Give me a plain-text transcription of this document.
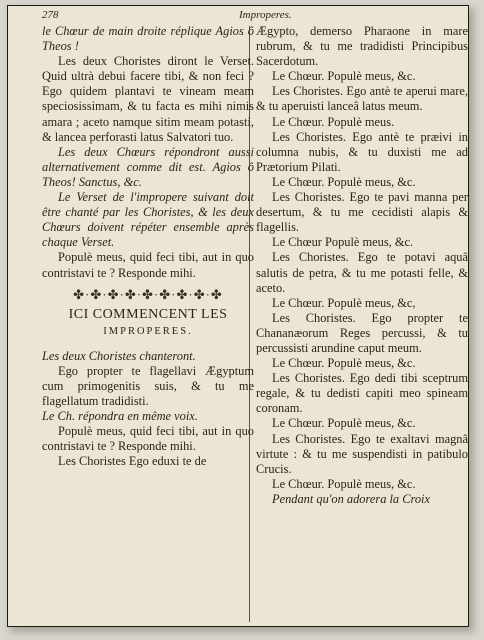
278	Improperes.

le Chœur de main droite réplique Agios ô Theos !

Les deux Choristes diront le Verset. Quid ultrà debui facere tibi, & non feci ? Ego quidem plantavi te vineam meam speciosissimam, & tu facta es mihi nimis amara ; aceto namque sitim meam potasti, & lancea perforasti latus Salvatori tuo.

Les deux Chœurs répondront aussi alternativement comme dit est. Agios ô Theos! Sanctus, &c.

Le Verset de l'impropere suivant doit être chanté par les Choristes, & les deux Chœurs doivent répéter ensemble après chaque Verset.

Populè meus, quid feci tibi, aut in quo contristavi te ? Responde mihi.

✤·✤·✤·✤·✤·✤·✤·✤·✤
ICI COMMENCENT LES
IMPROPERES.

Les deux Choristes chanteront.

Ego propter te flagellavi Ægyptum cum primogenitis suis, & tu me flagellatum tradidisti.

Le Ch. répondra en même voix.

Populè meus, quid feci tibi, aut in quo contristavi te ? Responde mihi.

Les Choristes Ego eduxi te de

Ægypto, demerso Pharaone in mare rubrum, & tu me tradidisti Principibus Sacerdotum.

Le Chœur. Populè meus, &c.

Les Choristes. Ego antè te aperui mare, & tu aperuisti lanceâ latus meum.

Le Chœur. Populè meus.

Les Choristes. Ego antè te præivi in columna nubis, & tu duxisti me ad Prætorium Pilati.

Le Chœur. Populè meus, &c.

Les Choristes. Ego te pavi manna per desertum, & tu me cecidisti alapis & flagellis.

Le Chœur Populè meus, &c.

Les Choristes. Ego te potavi aquâ salutis de petra, & tu me potasti felle, & aceto.

Le Chœur. Populè meus, &c,

Les Choristes. Ego propter te Chananæorum Reges percussi, & tu percussisti arundine caput meum.

Le Chœur. Populè meus, &c.

Les Choristes. Ego dedi tibi sceptrum regale, & tu dedisti capiti meo spineam coronam.

Le Chœur. Populè meus, &c.

Les Choristes. Ego te exaltavi magnâ virtute : & tu me suspendisti in patibulo Crucis.

Le Chœur. Populè meus, &c.

Pendant qu'on adorera la Croix
